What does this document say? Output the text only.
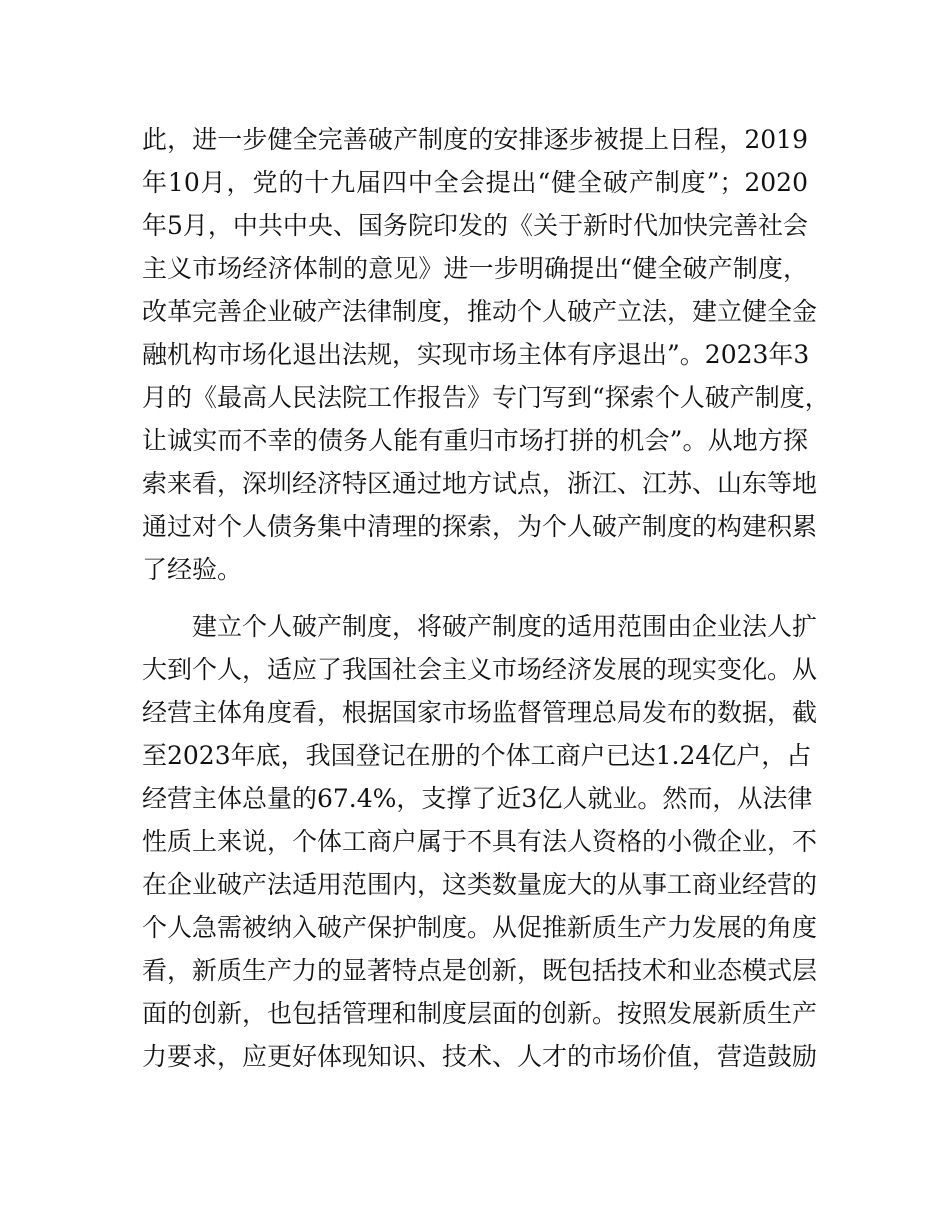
此，进一步健全完善破产制度的安排逐步被提上日程，2019
年10月，党的十九届四中全会提出“健全破产制度”；2020
年5月，中共中央、国务院印发的《关于新时代加快完善社会
主义市场经济体制的意见》进一步明确提出“健全破产制度，
改革完善企业破产法律制度，推动个人破产立法，建立健全金
融机构市场化退出法规，实现市场主体有序退出”。2023年3
月的《最高人民法院工作报告》专门写到“探索个人破产制度，
让诚实而不幸的债务人能有重归市场打拼的机会”。从地方探
索来看，深圳经济特区通过地方试点，浙江、江苏、山东等地
通过对个人债务集中清理的探索，为个人破产制度的构建积累
了经验。
建立个人破产制度，将破产制度的适用范围由企业法人扩
大到个人，适应了我国社会主义市场经济发展的现实变化。从
经营主体角度看，根据国家市场监督管理总局发布的数据，截
至2023年底，我国登记在册的个体工商户已达1.24亿户，占
经营主体总量的67.4%，支撑了近3亿人就业。然而，从法律
性质上来说，个体工商户属于不具有法人资格的小微企业，不
在企业破产法适用范围内，这类数量庞大的从事工商业经营的
个人急需被纳入破产保护制度。从促推新质生产力发展的角度
看，新质生产力的显著特点是创新，既包括技术和业态模式层
面的创新，也包括管理和制度层面的创新。按照发展新质生产
力要求，应更好体现知识、技术、人才的市场价值，营造鼓励
